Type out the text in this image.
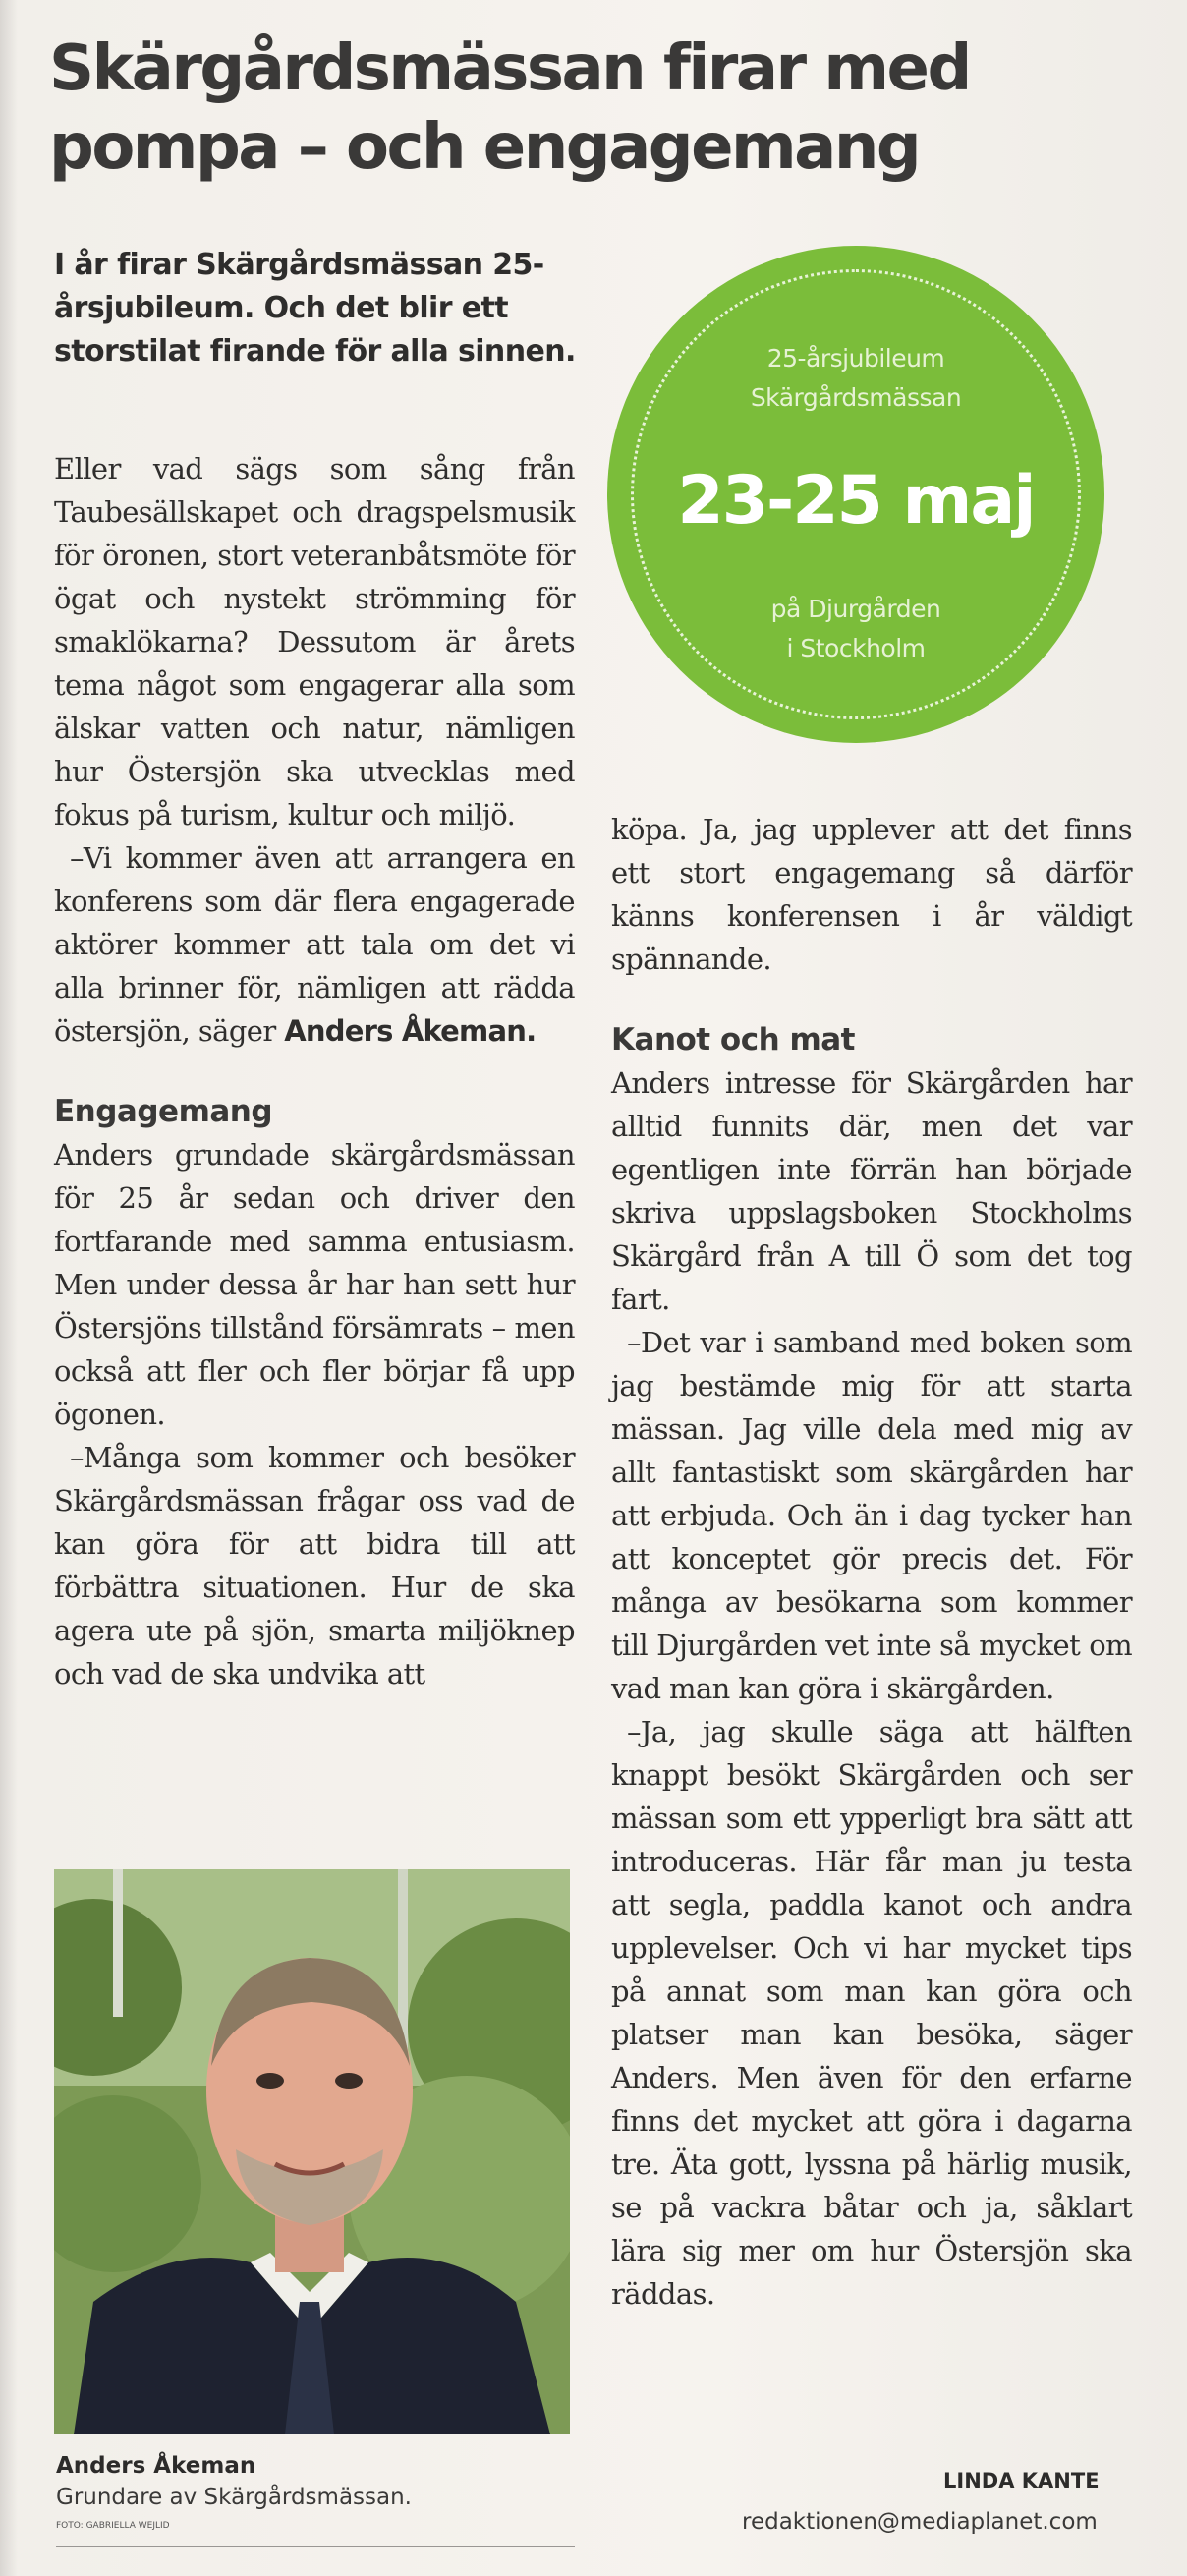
Skärgårdsmässan firar med pompa – och engagemang

I år firar Skärgårdsmässan 25-årsjubileum. Och det blir ett storstilat firande för alla sinnen.	25-årsjubileum
Skärgårdsmässan
23-25 maj
på Djurgården
i Stockholm

Eller vad sägs som sång från Taubesällskapet och dragspelsmusik för öronen, stort veteranbåtsmöte för ögat och nystekt strömming för smaklökarna? Dessutom är årets tema något som engagerar alla som älskar vatten och natur, nämligen hur Östersjön ska utvecklas med fokus på turism, kultur och miljö.

–Vi kommer även att arrangera en konferens som där flera engagerade aktörer kommer att tala om det vi alla brinner för, nämligen att rädda östersjön, säger Anders Åkeman.

Engagemang

Anders grundade skärgårdsmässan för 25 år sedan och driver den fortfarande med samma entusiasm. Men under dessa år har han sett hur Östersjöns tillstånd försämrats – men också att fler och fler börjar få upp ögonen.

–Många som kommer och besöker Skärgårdsmässan frågar oss vad de kan göra för att bidra till att förbättra situationen. Hur de ska agera ute på sjön, smarta miljöknep och vad de ska undvika att

Anders Åkeman
Grundare av Skärgårdsmässan.
FOTO: GABRIELLA WEJLID

köpa. Ja, jag upplever att det finns ett stort engagemang så därför känns konferensen i år väldigt spännande.

Kanot och mat

Anders intresse för Skärgården har alltid funnits där, men det var egentligen inte förrän han började skriva uppslagsboken Stockholms Skärgård från A till Ö som det tog fart.

–Det var i samband med boken som jag bestämde mig för att starta mässan. Jag ville dela med mig av allt fantastiskt som skärgården har att erbjuda. Och än i dag tycker han att konceptet gör precis det. För många av besökarna som kommer till Djurgården vet inte så mycket om vad man kan göra i skärgården.

–Ja, jag skulle säga att hälften knappt besökt Skärgården och ser mässan som ett ypperligt bra sätt att introduceras. Här får man ju testa att segla, paddla kanot och andra upplevelser. Och vi har mycket tips på annat som man kan göra och platser man kan besöka, säger Anders. Men även för den erfarne finns det mycket att göra i dagarna tre. Äta gott, lyssna på härlig musik, se på vackra båtar och ja, såklart lära sig mer om hur Östersjön ska räddas.

LINDA KANTE
redaktionen@mediaplanet.com
